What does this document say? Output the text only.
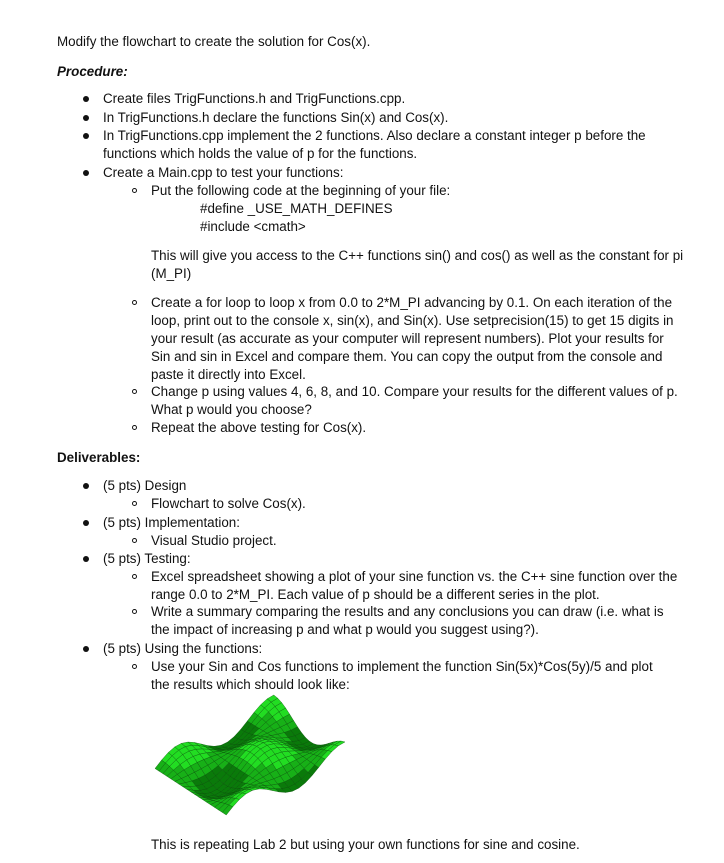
Modify the flowchart to create the solution for Cos(x).
Procedure:
Create files TrigFunctions.h and TrigFunctions.cpp.
In TrigFunctions.h declare the functions Sin(x) and Cos(x).
In TrigFunctions.cpp implement the 2 functions. Also declare a constant integer p before the
functions which holds the value of p for the functions.
Create a Main.cpp to test your functions:
Put the following code at the beginning of your file:
#define _USE_MATH_DEFINES
#include <cmath>
This will give you access to the C++ functions sin() and cos() as well as the constant for pi
(M_PI)
Create a for loop to loop x from 0.0 to 2*M_PI advancing by 0.1. On each iteration of the
loop, print out to the console x, sin(x), and Sin(x). Use setprecision(15) to get 15 digits in
your result (as accurate as your computer will represent numbers). Plot your results for
Sin and sin in Excel and compare them. You can copy the output from the console and
paste it directly into Excel.
Change p using values 4, 6, 8, and 10. Compare your results for the different values of p.
What p would you choose?
Repeat the above testing for Cos(x).
Deliverables:
(5 pts) Design
Flowchart to solve Cos(x).
(5 pts) Implementation:
Visual Studio project.
(5 pts) Testing:
Excel spreadsheet showing a plot of your sine function vs. the C++ sine function over the
range 0.0 to 2*M_PI. Each value of p should be a different series in the plot.
Write a summary comparing the results and any conclusions you can draw (i.e. what is
the impact of increasing p and what p would you suggest using?).
(5 pts) Using the functions:
Use your Sin and Cos functions to implement the function Sin(5x)*Cos(5y)/5 and plot
the results which should look like:
This is repeating Lab 2 but using your own functions for sine and cosine.
